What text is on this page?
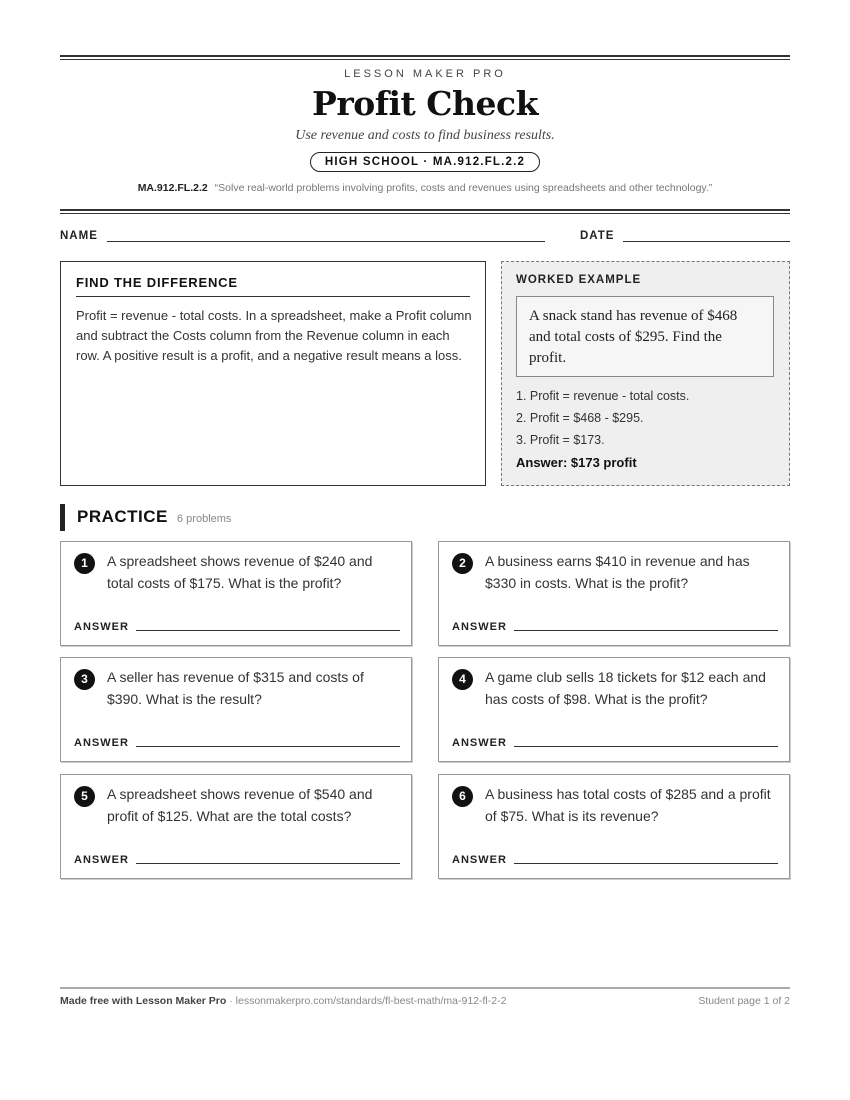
LESSON MAKER PRO
Profit Check
Use revenue and costs to find business results.
HIGH SCHOOL · MA.912.FL.2.2
MA.912.FL.2.2 “Solve real-world problems involving profits, costs and revenues using spreadsheets and other technology.”
NAME	DATE
FIND THE DIFFERENCE

Profit = revenue - total costs. In a spreadsheet, make a Profit column and subtract the Costs column from the Revenue column in each row. A positive result is a profit, and a negative result means a loss.

WORKED EXAMPLE
A snack stand has revenue of $468 and total costs of $295. Find the profit.
1. Profit = revenue - total costs.
2. Profit = $468 - $295.
3. Profit = $173.
Answer: $173 profit
PRACTICE 6 problems
1	A spreadsheet shows revenue of $240 and total costs of $175. What is the profit?
ANSWER
2	A business earns $410 in revenue and has $330 in costs. What is the profit?
ANSWER
3	A seller has revenue of $315 and costs of $390. What is the result?
ANSWER
4	A game club sells 18 tickets for $12 each and has costs of $98. What is the profit?
ANSWER
5	A spreadsheet shows revenue of $540 and profit of $125. What are the total costs?
ANSWER
6	A business has total costs of $285 and a profit of $75. What is its revenue?
ANSWER
Made free with Lesson Maker Pro · lessonmakerpro.com/standards/fl-best-math/ma-912-fl-2-2	Student page 1 of 2
